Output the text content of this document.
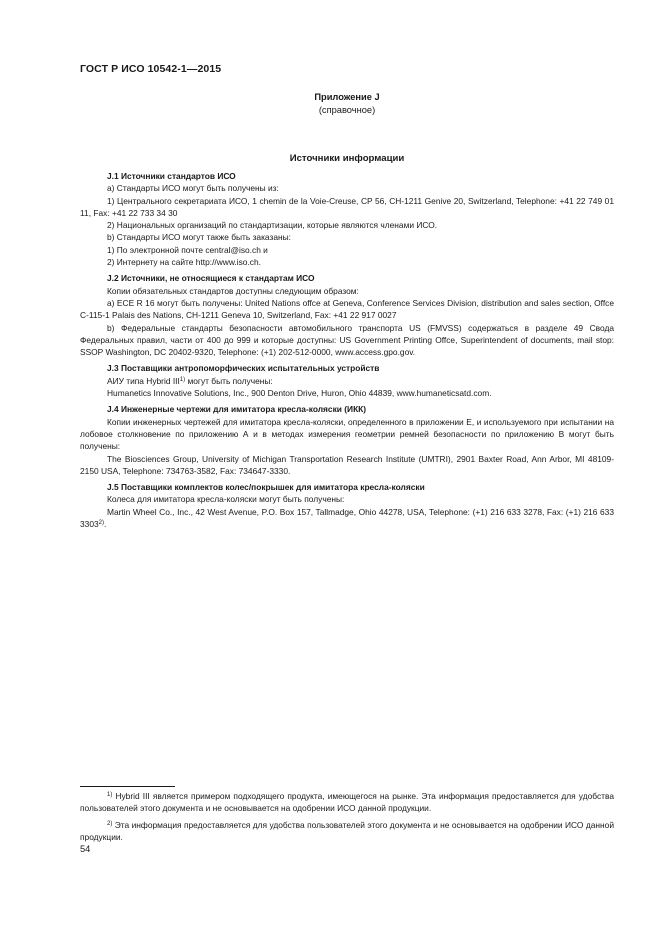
ГОСТ Р ИСО 10542-1—2015
Приложение J
(справочное)
Источники информации
J.1 Источники стандартов ИСО
а) Стандарты ИСО могут быть получены из:
1) Центрального секретариата ИСО, 1 chemin de la Voie-Creuse, CP 56, CH-1211 Genive 20, Switzerland, Telephone: +41 22 749 01 11, Fax: +41 22 733 34 30
2) Национальных организаций по стандартизации, которые являются членами ИСО.
b) Стандарты ИСО могут также быть заказаны:
1) По электронной почте central@iso.ch и
2) Интернету на сайте http://www.iso.ch.
J.2 Источники, не относящиеся к стандартам ИСО
Копии обязательных стандартов доступны следующим образом:
а) ECE R 16 могут быть получены: United Nations offce at Geneva, Conference Services Division, distribution and sales section, Offce C-115-1 Palais des Nations, CH-1211 Geneva 10, Switzerland, Fax: +41 22 917 0027
b) Федеральные стандарты безопасности автомобильного транспорта US (FMVSS) содержаться в разделе 49 Свода Федеральных правил, части от 400 до 999 и которые доступны: US Government Printing Offce, Superintendent of documents, mail stop: SSOP Washington, DC 20402-9320, Telephone: (+1) 202-512-0000, www.access.gpo.gov.
J.3 Поставщики антропоморфических испытательных устройств
АИУ типа Hybrid III$^{1)}$ могут быть получены:
Humanetics Innovative Solutions, Inc., 900 Denton Drive, Huron, Ohio 44839, www.humaneticsatd.com.
J.4 Инженерные чертежи для имитатора кресла-коляски (ИКК)
Копии инженерных чертежей для имитатора кресла-коляски, определенного в приложении Е, и используемого при испытании на лобовое столкновение по приложению А и в методах измерения геометрии ремней безопасности по приложению В могут быть получены:
The Biosciences Group, University of Michigan Transportation Research Institute (UMTRI), 2901 Baxter Road, Ann Arbor, MI 48109-2150 USA, Telephone: 734763-3582, Fax: 734647-3330.
J.5 Поставщики комплектов колес/покрышек для имитатора кресла-коляски
Колеса для имитатора кресла-коляски могут быть получены:
Martin Wheel Co., Inc., 42 West Avenue, P.O. Box 157, Tallmadge, Ohio 44278, USA, Telephone: (+1) 216 633 3278, Fax: (+1) 216 633 3303$^{2)}$.
$^{1)}$ Hybrid III является примером подходящего продукта, имеющегося на рынке. Эта информация предоставляется для удобства пользователей этого документа и не основывается на одобрении ИСО данной продукции.
$^{2)}$ Эта информация предоставляется для удобства пользователей этого документа и не основывается на одобрении ИСО данной продукции.
54
